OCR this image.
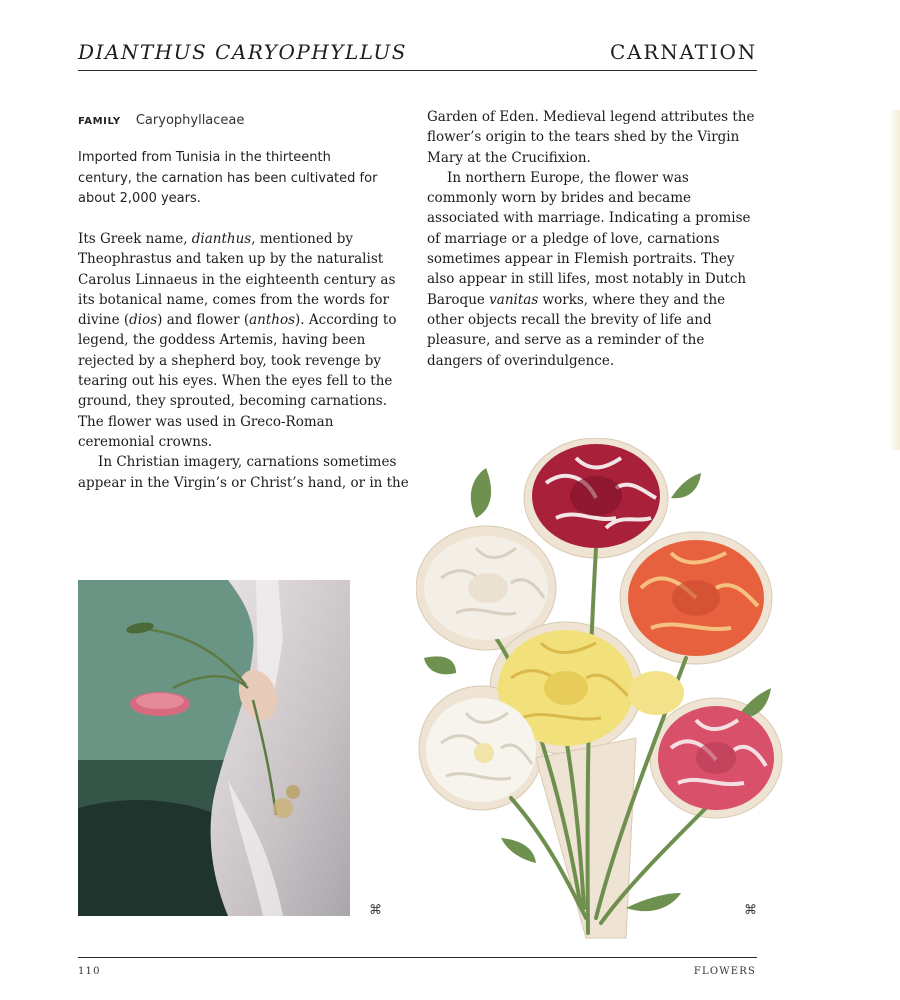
DIANTHUS CARYOPHYLLUS	CARNATION
FAMILY Caryophyllaceae
Imported from Tunisia in the thirteenth century, the carnation has been cultivated for about 2,000 years.

Its Greek name, dianthus, mentioned by Theophrastus and taken up by the naturalist Carolus Linnaeus in the eighteenth century as its botanical name, comes from the words for divine (dios) and flower (anthos). According to legend, the goddess Artemis, having been rejected by a shepherd boy, took revenge by tearing out his eyes. When the eyes fell to the ground, they sprouted, becoming carnations. The flower was used in Greco-Roman ceremonial crowns.

In Christian imagery, carnations sometimes appear in the Virgin’s or Christ’s hand, or in the

Garden of Eden. Medieval legend attributes the flower’s origin to the tears shed by the Virgin Mary at the Crucifixion.

In northern Europe, the flower was commonly worn by brides and became associated with marriage. Indicating a promise of marriage or a pledge of love, carnations sometimes appear in Flemish portraits. They also appear in still lifes, most notably in Dutch Baroque vanitas works, where they and the other objects recall the brevity of life and pleasure, and serve as a reminder of the dangers of overindulgence.

⌘	⌘
110	FLOWERS
